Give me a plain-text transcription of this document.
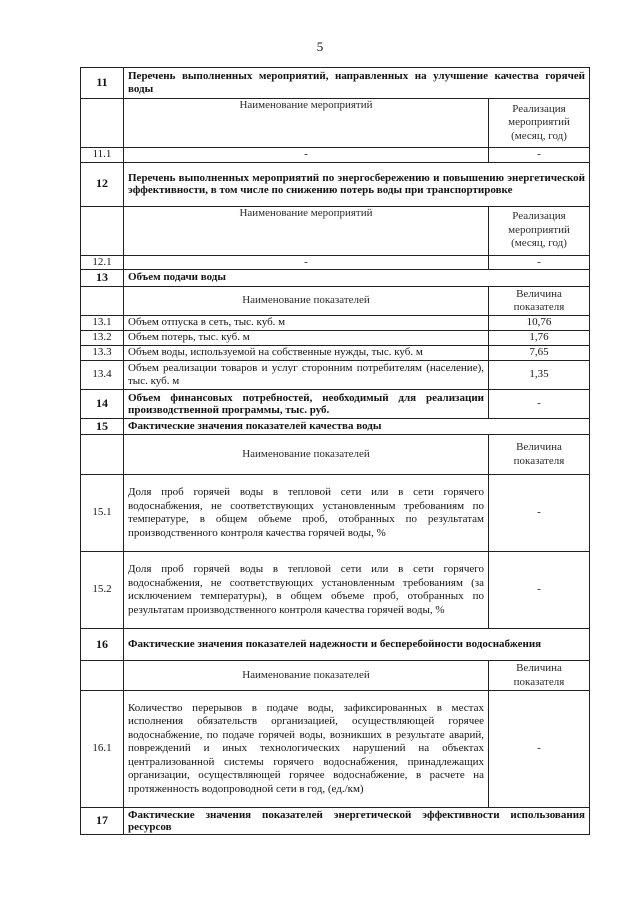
5
11	Перечень выполненных мероприятий, направленных на улучшение качества горячей воды	
	Наименование мероприятий	Реализация мероприятий (месяц, год)
11.1	-	-
12	Перечень выполненных мероприятий по энергосбережению и повышению энергетической эффективности, в том числе по снижению потерь воды при транспортировке	
	Наименование мероприятий	Реализация мероприятий (месяц, год)
12.1	-	-
13	Объем подачи воды	
	Наименование показателей	Величина показателя
13.1	Объем отпуска в сеть, тыс. куб. м	10,76
13.2	Объем потерь, тыс. куб. м	1,76
13.3	Объем воды, используемой на собственные нужды, тыс. куб. м	7,65
13.4	Объем реализации товаров и услуг сторонним потребителям (население), тыс. куб. м	1,35
14	Объем финансовых потребностей, необходимый для реализации производственной программы, тыс. руб.	-
15	Фактические значения показателей качества воды	
	Наименование показателей	Величина показателя
15.1	Доля проб горячей воды в тепловой сети или в сети горячего водоснабжения, не соответствующих установленным требованиям по температуре, в общем объеме проб, отобранных по результатам производственного контроля качества горячей воды, %	-
15.2	Доля проб горячей воды в тепловой сети или в сети горячего водоснабжения, не соответствующих установленным требованиям (за исключением температуры), в общем объеме проб, отобранных по результатам производственного контроля качества горячей воды, %	-
16	Фактические значения показателей надежности и бесперебойности водоснабжения	
	Наименование показателей	Величина показателя
16.1	Количество перерывов в подаче воды, зафиксированных в местах исполнения обязательств организацией, осуществляющей горячее водоснабжение, по подаче горячей воды, возникших в результате аварий, повреждений и иных технологических нарушений на объектах централизованной системы горячего водоснабжения, принадлежащих организации, осуществляющей горячее водоснабжение, в расчете на протяженность водопроводной сети в год, (ед./км)	-
17	Фактические значения показателей энергетической эффективности использования ресурсов	
